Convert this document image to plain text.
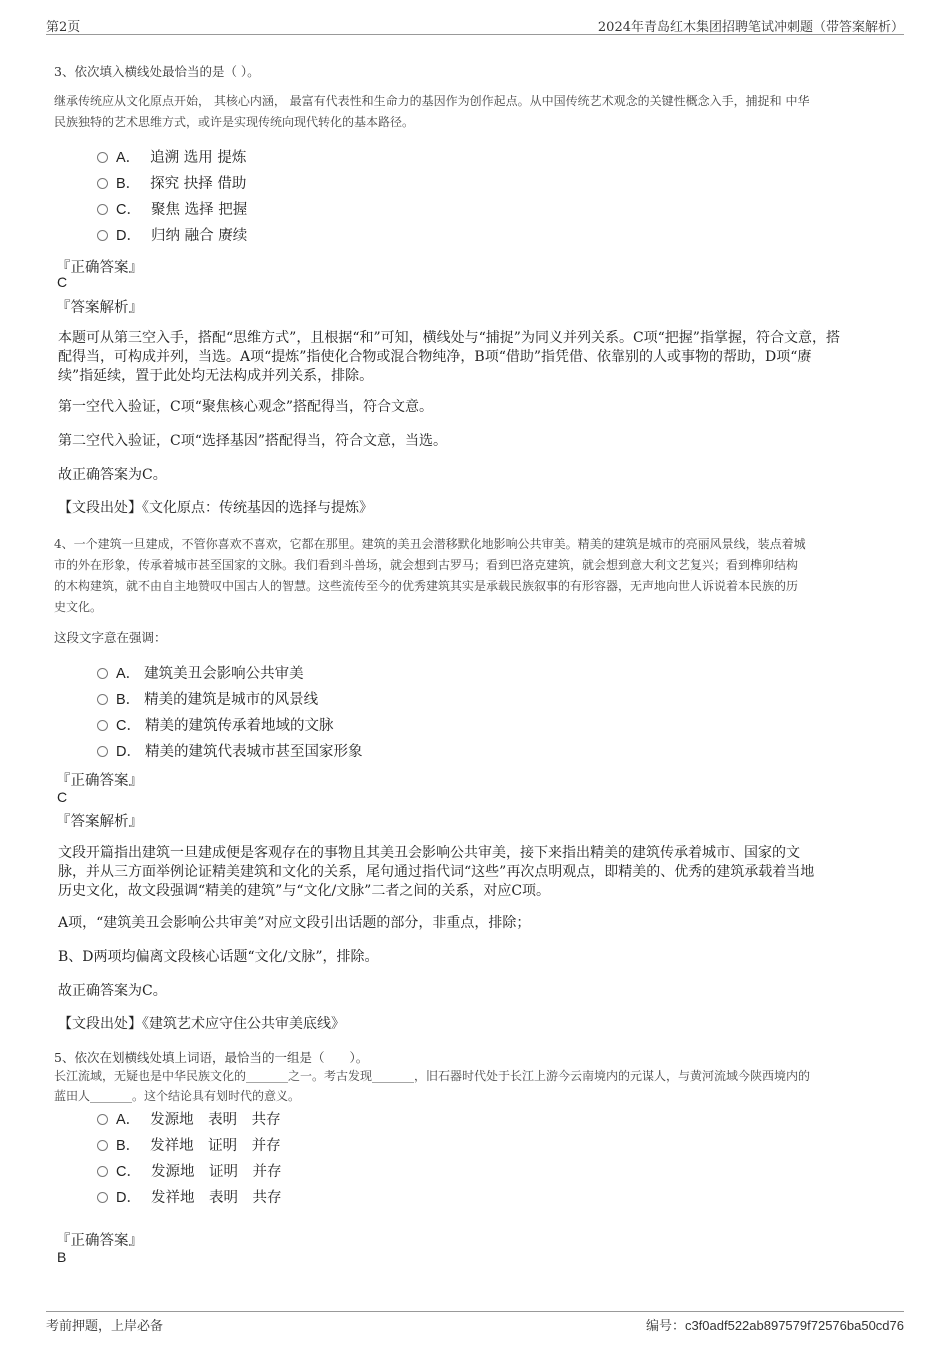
第2页	2024年青岛红木集团招聘笔试冲刺题（带答案解析）
3、依次填入横线处最恰当的是（ ）。
继承传统应从文化原点开始， 其核心内涵， 最富有代表性和生命力的基因作为创作起点。从中国传统艺术观念的关键性概念入手，捕捉和 中华
民族独特的艺术思维方式，或许是实现传统向现代转化的基本路径。
A． 追溯 选用 提炼
B． 探究 抉择 借助
C． 聚焦 选择 把握
D． 归纳 融合 赓续
『正确答案』
C
『答案解析』
本题可从第三空入手，搭配“思维方式”，且根据“和”可知，横线处与“捕捉”为同义并列关系。C项“把握”指掌握，符合文意，搭
配得当，可构成并列，当选。A项“提炼”指使化合物或混合物纯净，B项“借助”指凭借、依靠别的人或事物的帮助，D项“赓
续”指延续，置于此处均无法构成并列关系，排除。
第一空代入验证，C项“聚焦核心观念”搭配得当，符合文意。
第二空代入验证，C项“选择基因”搭配得当，符合文意，当选。
故正确答案为C。
【文段出处】《文化原点：传统基因的选择与提炼》
4、一个建筑一旦建成，不管你喜欢不喜欢，它都在那里。建筑的美丑会潜移默化地影响公共审美。精美的建筑是城市的亮丽风景线，装点着城
市的外在形象，传承着城市甚至国家的文脉。我们看到斗兽场，就会想到古罗马；看到巴洛克建筑，就会想到意大利文艺复兴；看到榫卯结构
的木构建筑，就不由自主地赞叹中国古人的智慧。这些流传至今的优秀建筑其实是承载民族叙事的有形容器，无声地向世人诉说着本民族的历
史文化。
这段文字意在强调：
A． 建筑美丑会影响公共审美
B． 精美的建筑是城市的风景线
C． 精美的建筑传承着地域的文脉
D． 精美的建筑代表城市甚至国家形象
『正确答案』
C
『答案解析』
文段开篇指出建筑一旦建成便是客观存在的事物且其美丑会影响公共审美，接下来指出精美的建筑传承着城市、国家的文
脉，并从三方面举例论证精美建筑和文化的关系，尾句通过指代词“这些”再次点明观点，即精美的、优秀的建筑承载着当地
历史文化，故文段强调“精美的建筑”与“文化/文脉”二者之间的关系，对应C项。
A项，“建筑美丑会影响公共审美”对应文段引出话题的部分，非重点，排除；
B、D两项均偏离文段核心话题“文化/文脉”，排除。
故正确答案为C。
【文段出处】《建筑艺术应守住公共审美底线》
5、依次在划横线处填上词语，最恰当的一组是（　　）。
长江流域，无疑也是中华民族文化的_______之一。考古发现_______，旧石器时代处于长江上游今云南境内的元谋人，与黄河流域今陕西境内的
蓝田人_______。这个结论具有划时代的意义。
A． 发源地　表明　共存
B． 发祥地　证明　并存
C． 发源地　证明　并存
D． 发祥地　表明　共存
『正确答案』
B
考前押题，上岸必备	编号：c3f0adf522ab897579f72576ba50cd76
